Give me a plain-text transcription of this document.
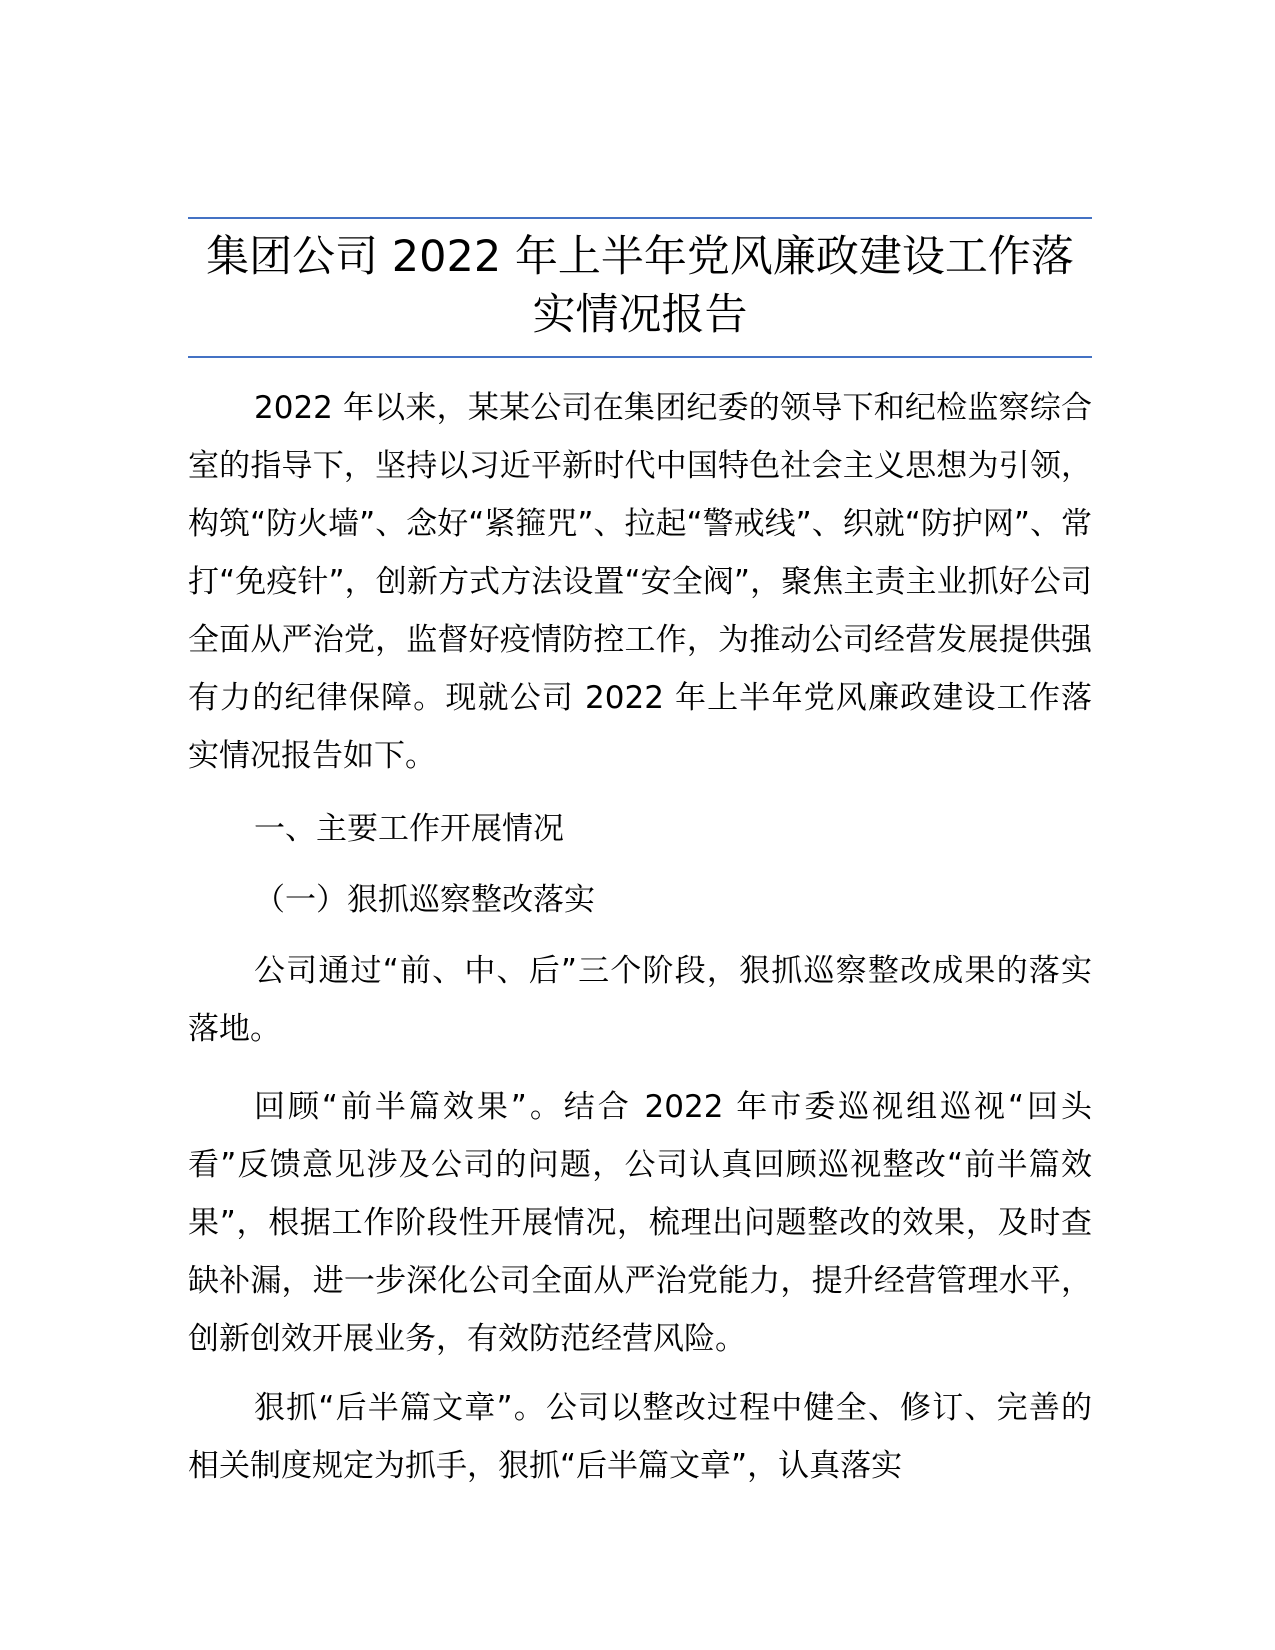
集团公司 2022 年上半年党风廉政建设工作落实情况报告

2022 年以来，某某公司在集团纪委的领导下和纪检监察综合室的指导下，坚持以习近平新时代中国特色社会主义思想为引领，构筑“防火墙”、念好“紧箍咒”、拉起“警戒线”、织就“防护网”、常打“免疫针”，创新方式方法设置“安全阀”，聚焦主责主业抓好公司全面从严治党，监督好疫情防控工作，为推动公司经营发展提供强有力的纪律保障。现就公司 2022 年上半年党风廉政建设工作落实情况报告如下。

一、主要工作开展情况

（一）狠抓巡察整改落实

公司通过“前、中、后”三个阶段，狠抓巡察整改成果的落实落地。

回顾“前半篇效果”。结合 2022 年市委巡视组巡视“回头看”反馈意见涉及公司的问题，公司认真回顾巡视整改“前半篇效果”，根据工作阶段性开展情况，梳理出问题整改的效果，及时查缺补漏，进一步深化公司全面从严治党能力，提升经营管理水平，创新创效开展业务，有效防范经营风险。

狠抓“后半篇文章”。公司以整改过程中健全、修订、完善的相关制度规定为抓手，狠抓“后半篇文章”，认真落实
